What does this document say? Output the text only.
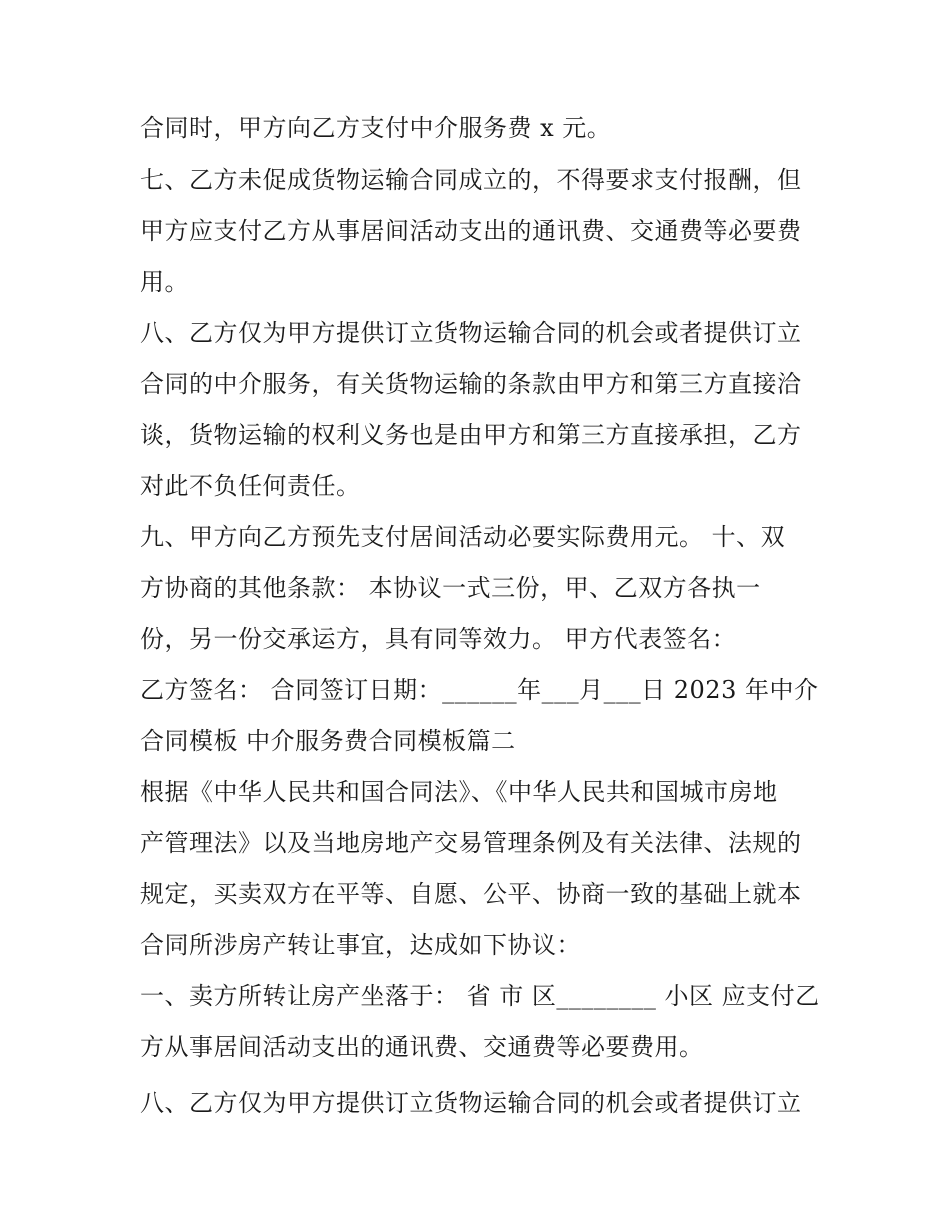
合同时，甲方向乙方支付中介服务费 x 元。
七、乙方未促成货物运输合同成立的，不得要求支付报酬，但
甲方应支付乙方从事居间活动支出的通讯费、交通费等必要费
用。
八、乙方仅为甲方提供订立货物运输合同的机会或者提供订立
合同的中介服务，有关货物运输的条款由甲方和第三方直接洽
谈，货物运输的权利义务也是由甲方和第三方直接承担，乙方
对此不负任何责任。
九、甲方向乙方预先支付居间活动必要实际费用元。 十、双
方协商的其他条款： 本协议一式三份，甲、乙双方各执一
份，另一份交承运方，具有同等效力。 甲方代表签名：
乙方签名： 合同签订日期：______年___月___日 2023 年中介
合同模板 中介服务费合同模板篇二
根据《中华人民共和国合同法》、《中华人民共和国城市房地
产管理法》以及当地房地产交易管理条例及有关法律、法规的
规定，买卖双方在平等、自愿、公平、协商一致的基础上就本
合同所涉房产转让事宜，达成如下协议：
一、卖方所转让房产坐落于： 省 市 区________ 小区 应支付乙
方从事居间活动支出的通讯费、交通费等必要费用。
八、乙方仅为甲方提供订立货物运输合同的机会或者提供订立
